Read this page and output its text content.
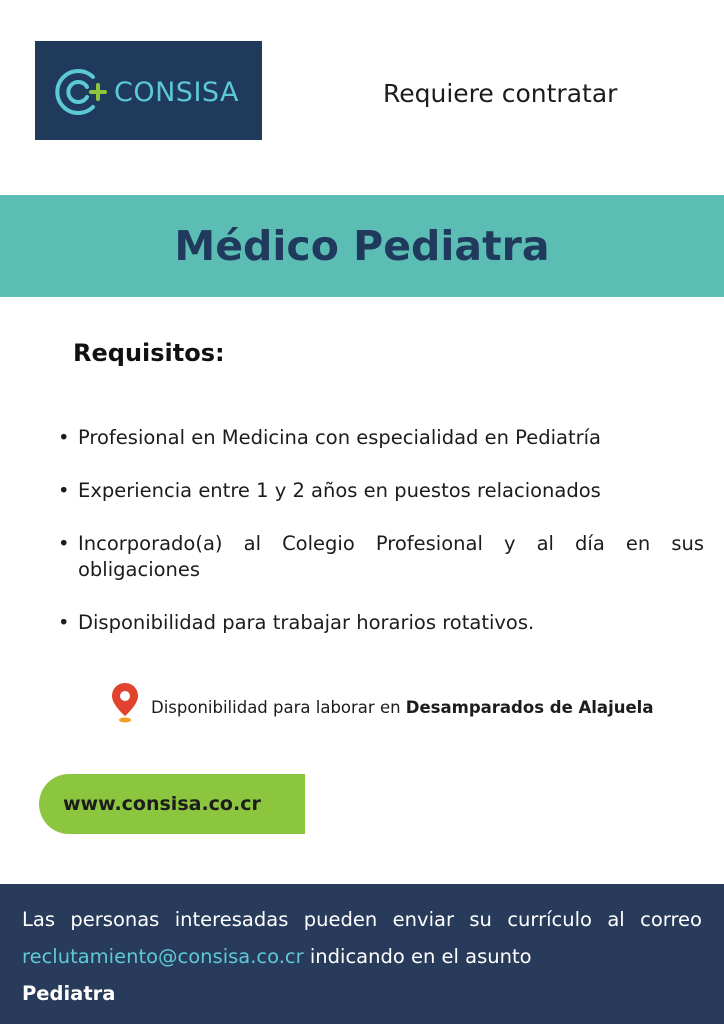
CONSISA	Requiere contratar
Médico Pediatra
Requisitos:
• Profesional en Medicina con especialidad en Pediatría
• Experiencia entre 1 y 2 años en puestos relacionados
• Incorporado(a) al Colegio Profesional y al día en sus obligaciones
• Disponibilidad para trabajar horarios rotativos.
Disponibilidad para laborar en Desamparados de Alajuela
www.consisa.co.cr

Las personas interesadas pueden enviar su currículo al correo reclutamiento@consisa.co.cr indicando en el asunto
Pediatra
